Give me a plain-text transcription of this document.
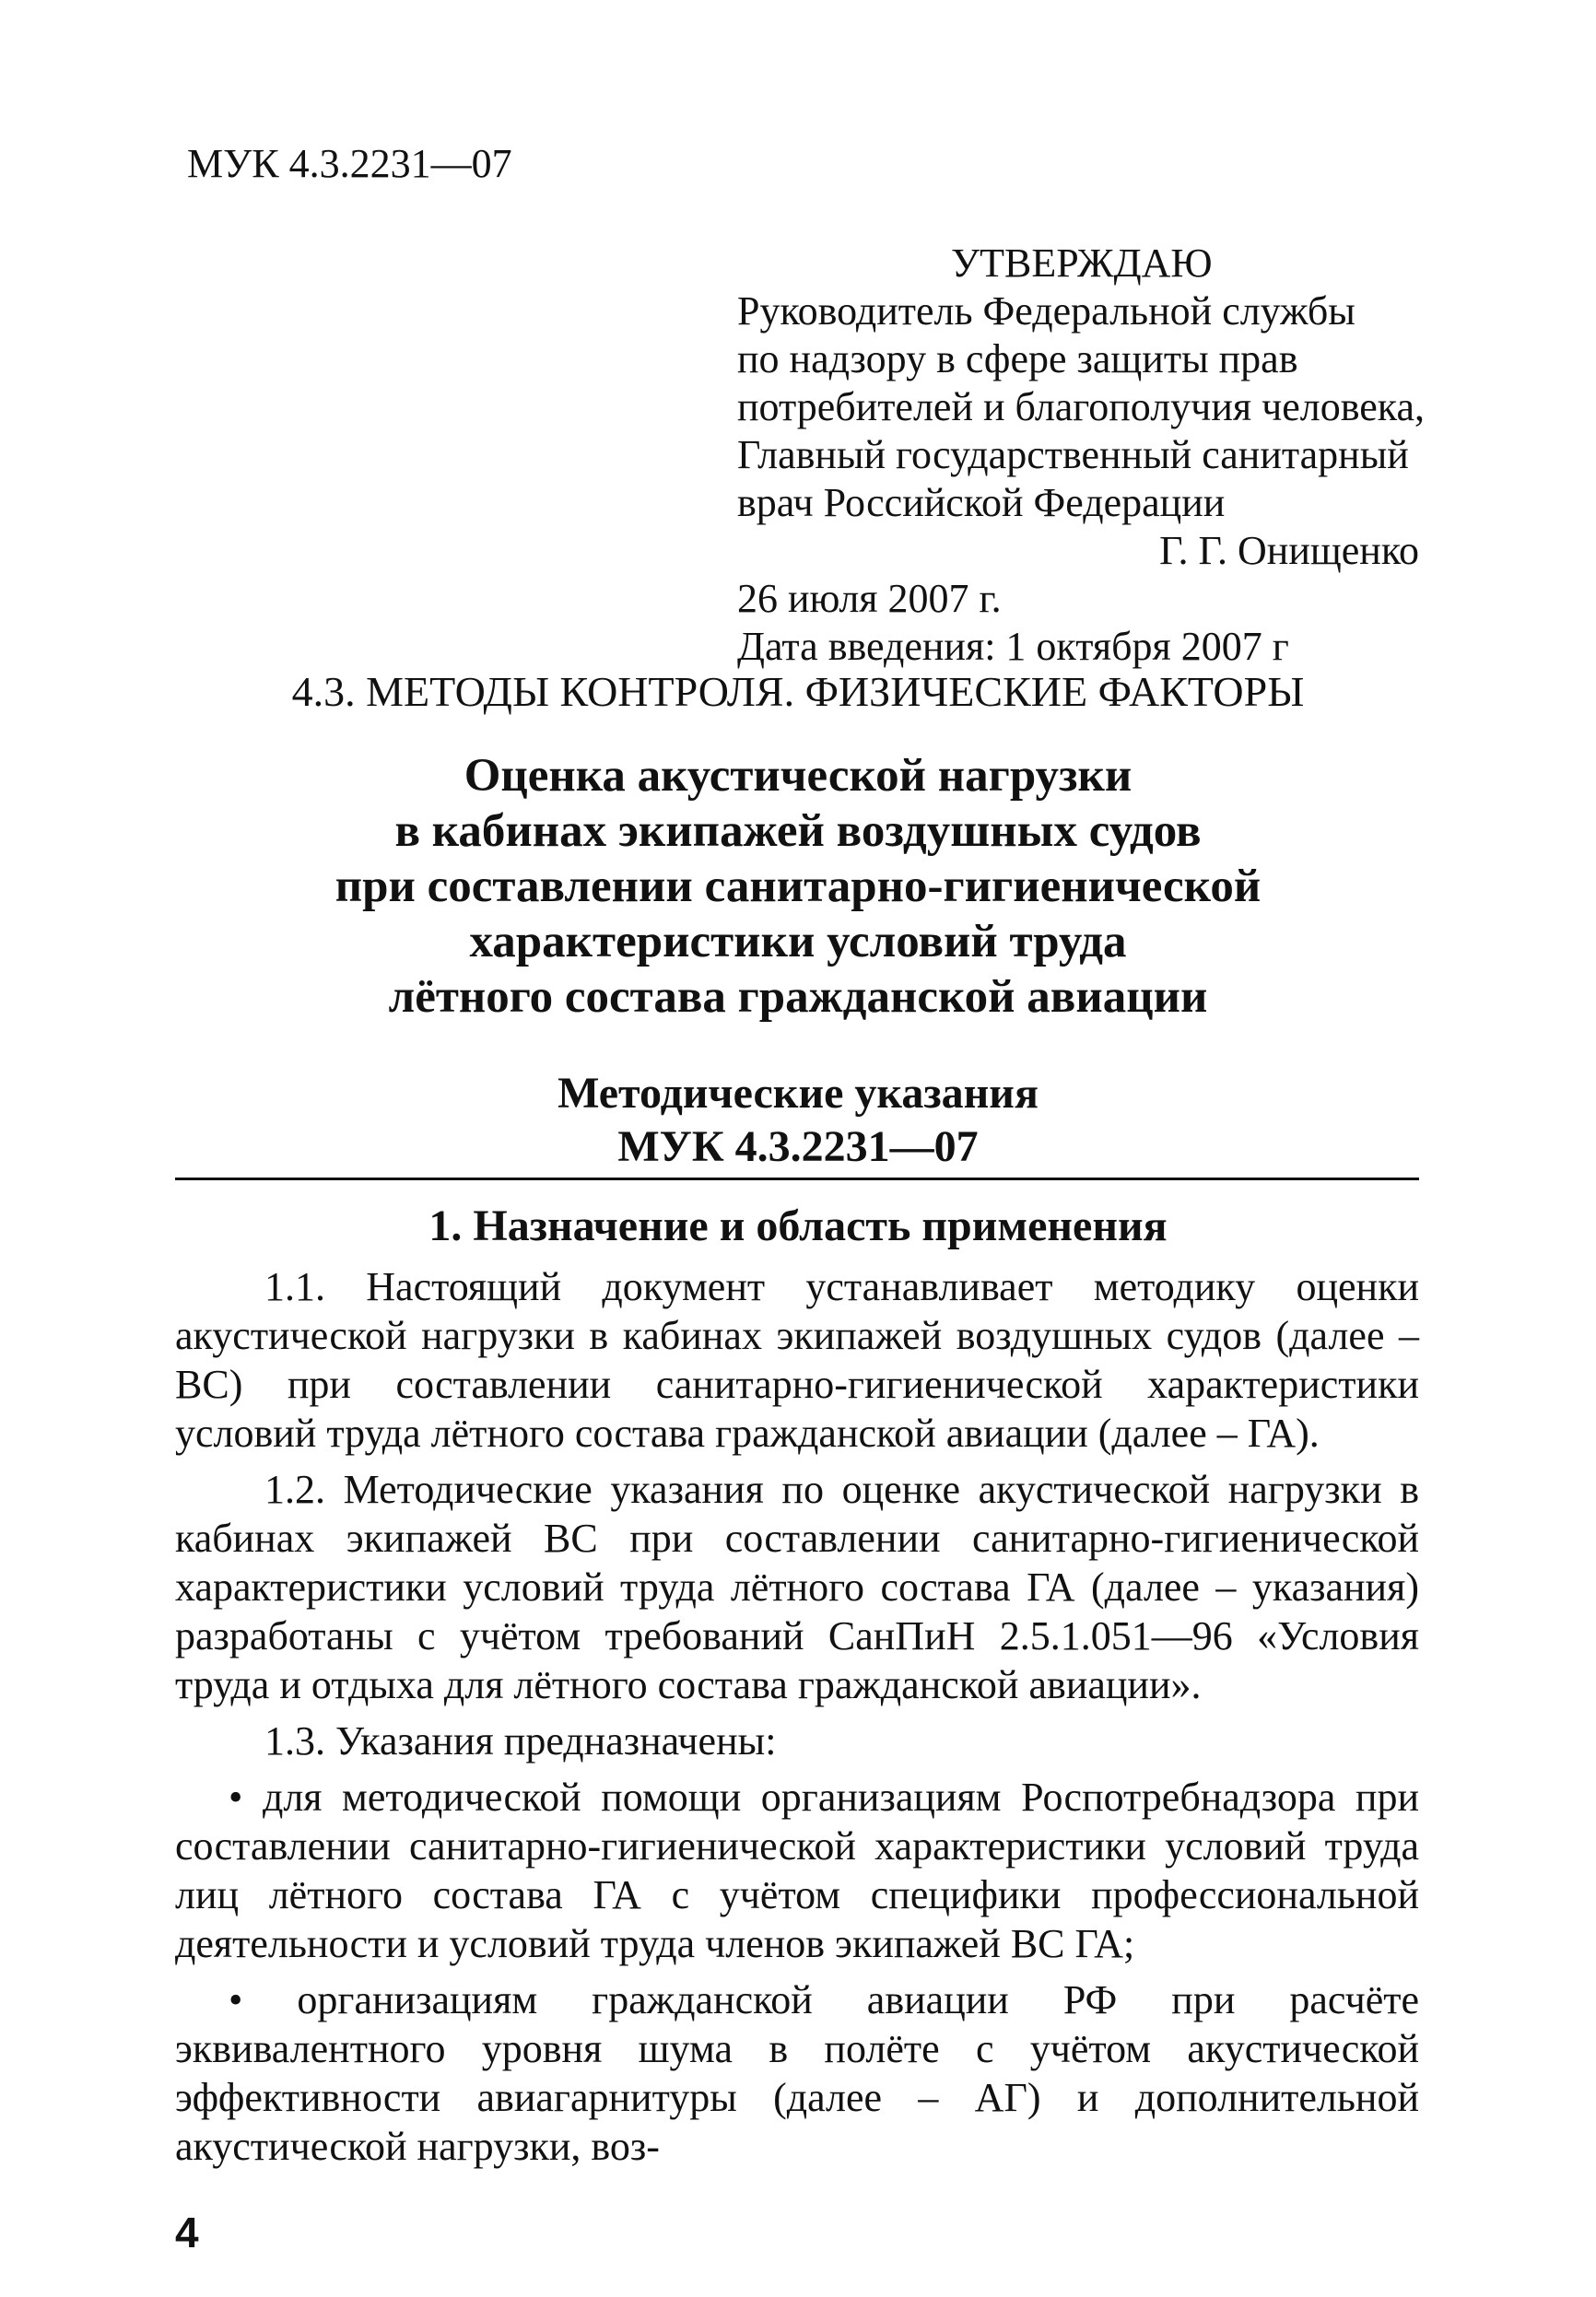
МУК 4.3.2231—07

УТВЕРЖДАЮ
Руководитель Федеральной службы
по надзору в сфере защиты прав
потребителей и благополучия человека,
Главный государственный санитарный
врач Российской Федерации
Г. Г. Онищенко
26 июля 2007 г.
Дата введения: 1 октября 2007 г

4.3. МЕТОДЫ КОНТРОЛЯ. ФИЗИЧЕСКИЕ ФАКТОРЫ

Оценка акустической нагрузки
в кабинах экипажей воздушных судов
при составлении санитарно-гигиенической
характеристики условий труда
лётного состава гражданской авиации
Методические указания
МУК 4.3.2231—07

1. Назначение и область применения

1.1. Настоящий документ устанавливает методику оценки акустической нагрузки в кабинах экипажей воздушных судов (далее – ВС) при составлении санитарно-гигиенической характеристики условий труда лётного состава гражданской авиации (далее – ГА).

1.2. Методические указания по оценке акустической нагрузки в кабинах экипажей ВС при составлении санитарно-гигиенической характеристики условий труда лётного состава ГА (далее – указания) разработаны с учётом требований СанПиН 2.5.1.051—96 «Условия труда и отдыха для лётного состава гражданской авиации».

1.3. Указания предназначены:

• для методической помощи организациям Роспотребнадзора при составлении санитарно-гигиенической характеристики условий труда лиц лётного состава ГА с учётом специфики профессиональной деятельности и условий труда членов экипажей ВС ГА;

• организациям гражданской авиации РФ при расчёте эквивалентного уровня шума в полёте с учётом акустической эффективности авиагарнитуры (далее – АГ) и дополнительной акустической нагрузки, воз-

4
